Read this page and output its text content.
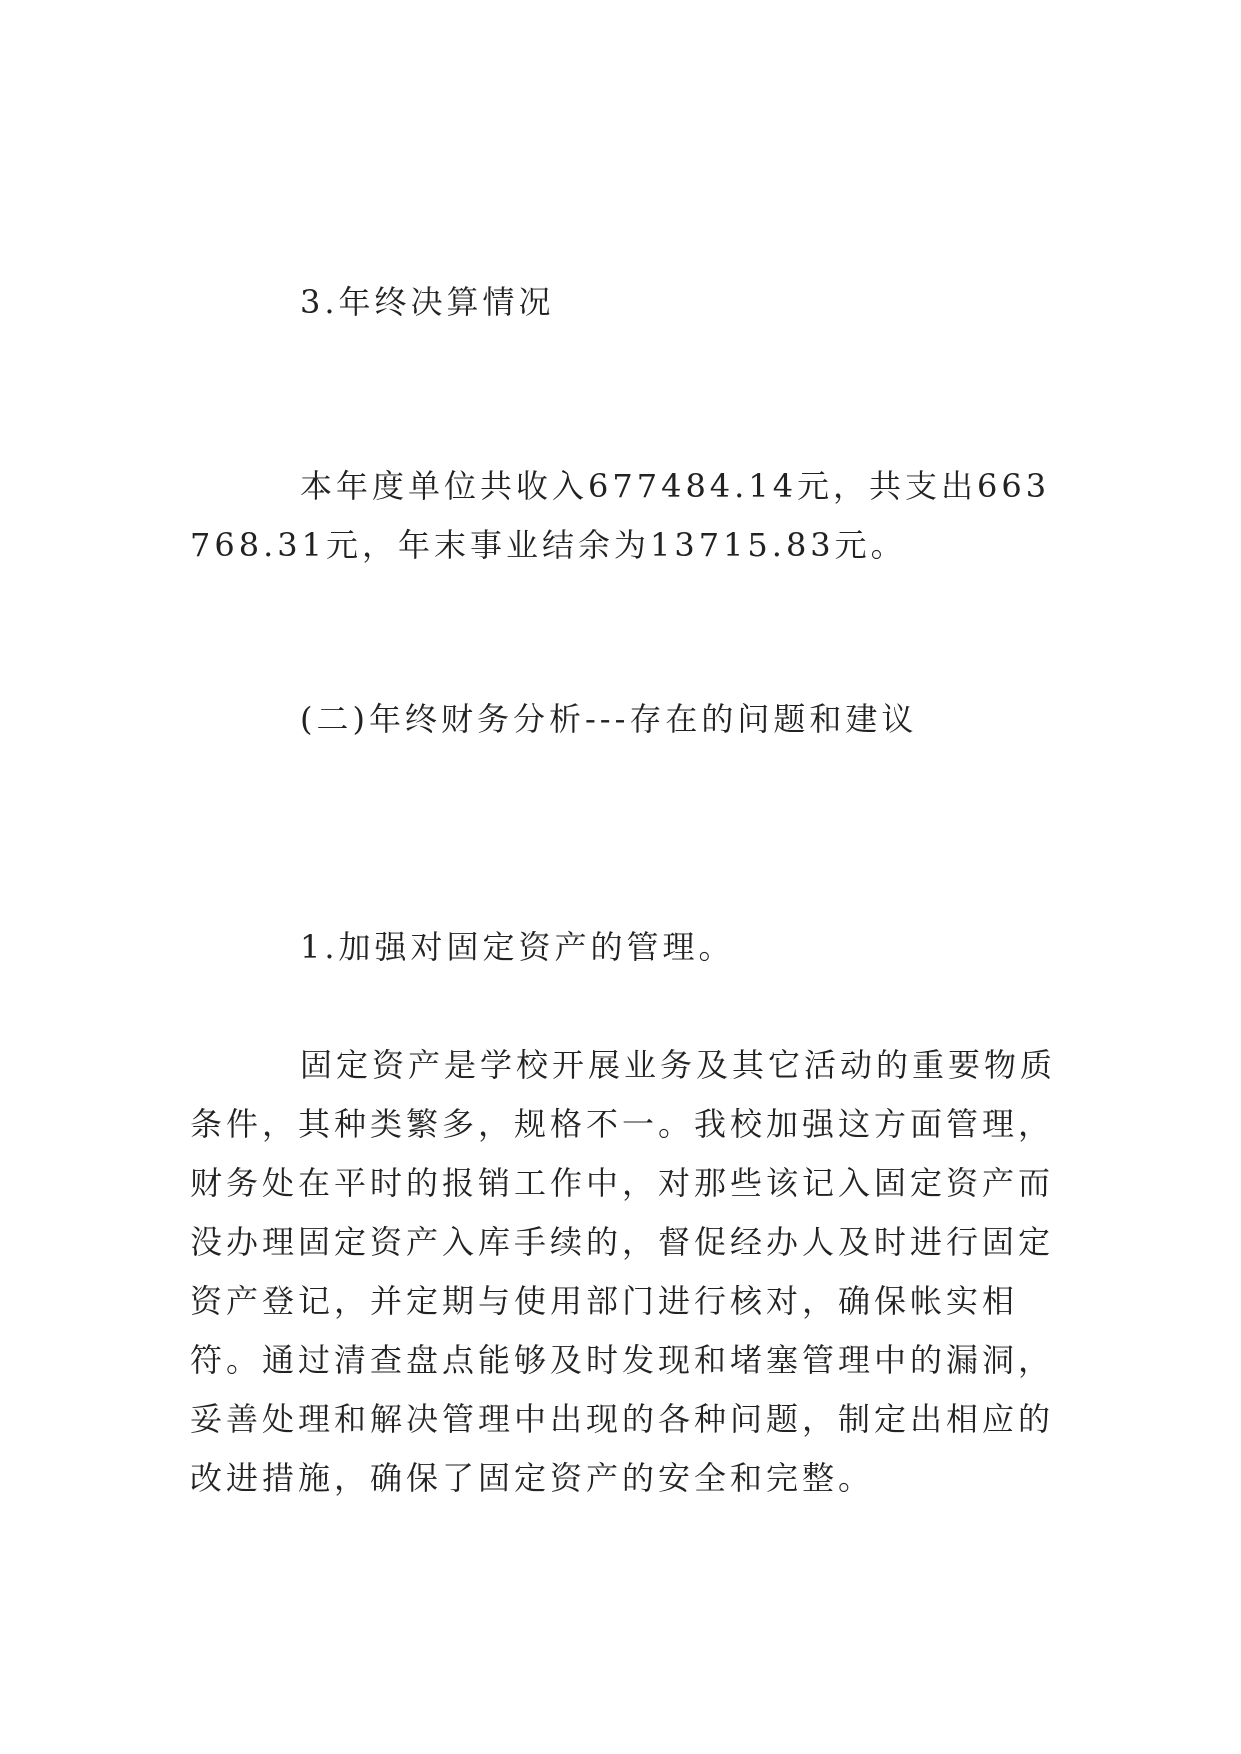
3.年终决算情况

本年度单位共收入677484.14元，共支出663768.31元，年末事业结余为13715.83元。

(二)年终财务分析---存在的问题和建议

1.加强对固定资产的管理。

固定资产是学校开展业务及其它活动的重要物质条件，其种类繁多，规格不一。我校加强这方面管理，财务处在平时的报销工作中，对那些该记入固定资产而没办理固定资产入库手续的，督促经办人及时进行固定资产登记，并定期与使用部门进行核对，确保帐实相符。通过清查盘点能够及时发现和堵塞管理中的漏洞，妥善处理和解决管理中出现的各种问题，制定出相应的改进措施，确保了固定资产的安全和完整。
